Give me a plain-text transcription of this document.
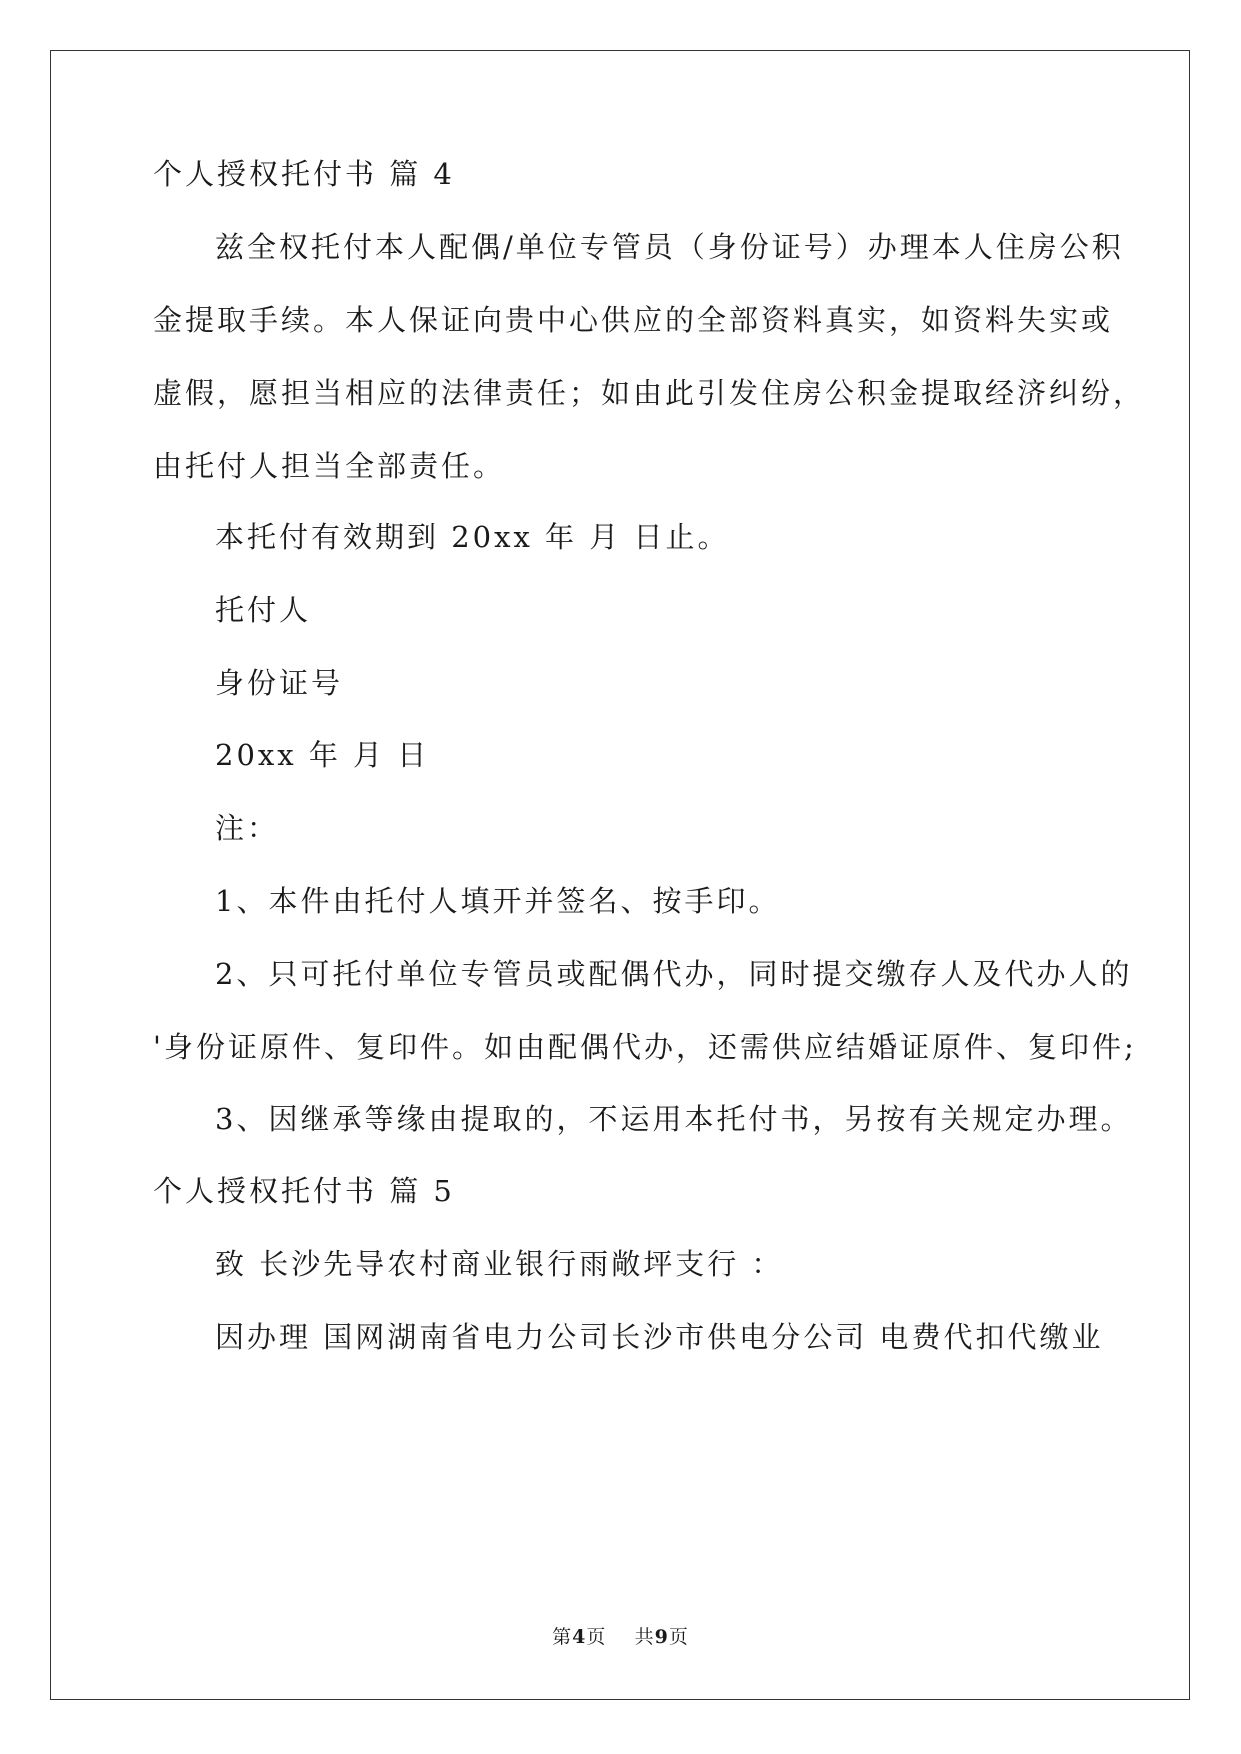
个人授权托付书 篇 4
兹全权托付本人配偶/单位专管员（身份证号）办理本人住房公积
金提取手续。本人保证向贵中心供应的全部资料真实，如资料失实或
虚假，愿担当相应的法律责任；如由此引发住房公积金提取经济纠纷，
由托付人担当全部责任。
本托付有效期到 20xx 年 月 日止。
托付人
身份证号
20xx 年 月 日
注：
1、本件由托付人填开并签名、按手印。
2、只可托付单位专管员或配偶代办，同时提交缴存人及代办人的
'身份证原件、复印件。如由配偶代办，还需供应结婚证原件、复印件;
3、因继承等缘由提取的，不运用本托付书，另按有关规定办理。
个人授权托付书 篇 5
致 长沙先导农村商业银行雨敞坪支行 ：
因办理 国网湖南省电力公司长沙市供电分公司 电费代扣代缴业
第4页    共9页
